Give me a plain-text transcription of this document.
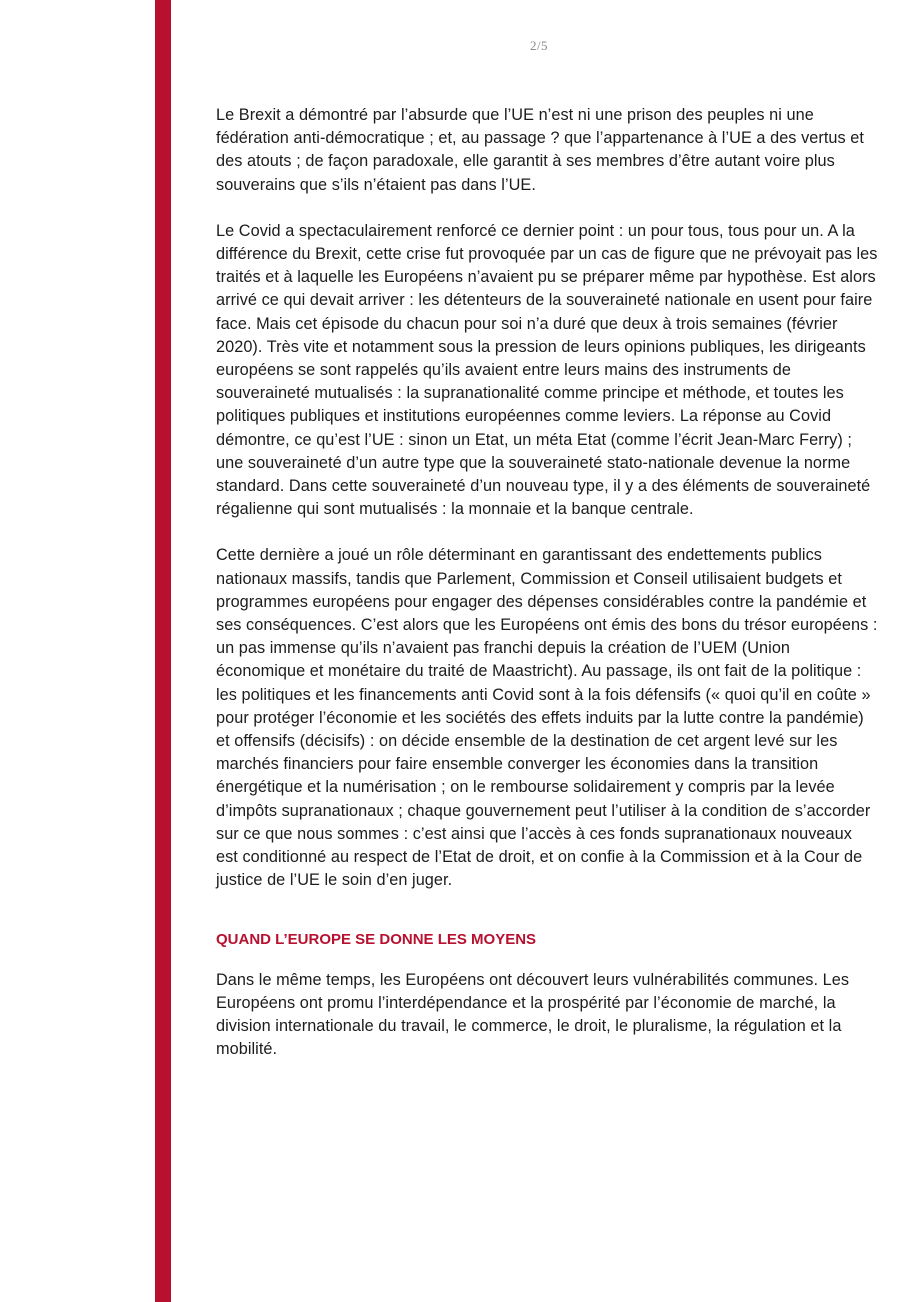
2/5

Le Brexit a démontré par l’absurde que l’UE n’est ni une prison des peuples ni une fédération anti-démocratique ; et, au passage ? que l’appartenance à l’UE a des vertus et des atouts ; de façon paradoxale, elle garantit à ses membres d’être autant voire plus souverains que s’ils n’étaient pas dans l’UE.

Le Covid a spectaculairement renforcé ce dernier point : un pour tous, tous pour un. A la différence du Brexit, cette crise fut provoquée par un cas de figure que ne prévoyait pas les traités et à laquelle les Européens n’avaient pu se préparer même par hypothèse. Est alors arrivé ce qui devait arriver : les détenteurs de la souveraineté nationale en usent pour faire face. Mais cet épisode du chacun pour soi n’a duré que deux à trois semaines (février 2020). Très vite et notamment sous la pression de leurs opinions publiques, les dirigeants européens se sont rappelés qu’ils avaient entre leurs mains des instruments de souveraineté mutualisés : la supranationalité comme principe et méthode, et toutes les politiques publiques et institutions européennes comme leviers. La réponse au Covid démontre, ce qu’est l’UE : sinon un Etat, un méta Etat (comme l’écrit Jean-Marc Ferry) ; une souveraineté d’un autre type que la souveraineté stato-nationale devenue la norme standard. Dans cette souveraineté d’un nouveau type, il y a des éléments de souveraineté régalienne qui sont mutualisés : la monnaie et la banque centrale.

Cette dernière a joué un rôle déterminant en garantissant des endettements publics nationaux massifs, tandis que Parlement, Commission et Conseil utilisaient budgets et programmes européens pour engager des dépenses considérables contre la pandémie et ses conséquences. C’est alors que les Européens ont émis des bons du trésor européens : un pas immense qu’ils n’avaient pas franchi depuis la création de l’UEM (Union économique et monétaire du traité de Maastricht). Au passage, ils ont fait de la politique : les politiques et les financements anti Covid sont à la fois défensifs (« quoi qu’il en coûte » pour protéger l’économie et les sociétés des effets induits par la lutte contre la pandémie) et offensifs (décisifs) : on décide ensemble de la destination de cet argent levé sur les marchés financiers pour faire ensemble converger les économies dans la transition énergétique et la numérisation ; on le rembourse solidairement y compris par la levée d’impôts supranationaux ; chaque gouvernement peut l’utiliser à la condition de s’accorder sur ce que nous sommes : c’est ainsi que l’accès à ces fonds supranationaux nouveaux est conditionné au respect de l’Etat de droit, et on confie à la Commission et à la Cour de justice de l’UE le soin d’en juger.

QUAND L’EUROPE SE DONNE LES MOYENS

Dans le même temps, les Européens ont découvert leurs vulnérabilités communes. Les Européens ont promu l’interdépendance et la prospérité par l’économie de marché, la division internationale du travail, le commerce, le droit, le pluralisme, la régulation et la mobilité.
